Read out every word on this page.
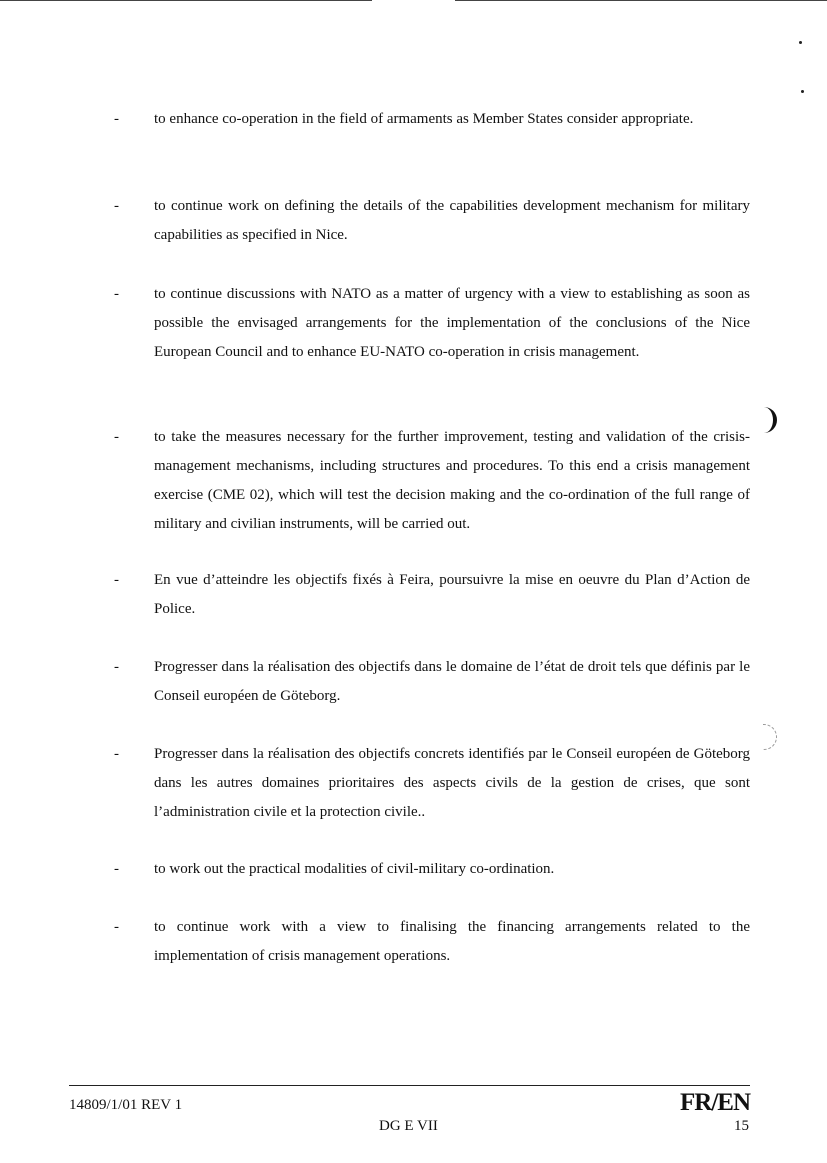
- to enhance co-operation in the field of armaments as Member States consider appropriate.
- to continue work on defining the details of the capabilities development mechanism for military capabilities as specified in Nice.
- to continue discussions with NATO as a matter of urgency with a view to establishing as soon as possible the envisaged arrangements for the implementation of the conclusions of the Nice European Council and to enhance EU-NATO co-operation in crisis management.
- to take the measures necessary for the further improvement, testing and validation of the crisis-management mechanisms, including structures and procedures. To this end a crisis management exercise (CME 02), which will test the decision making and the co-ordination of the full range of military and civilian instruments, will be carried out.
- En vue d’atteindre les objectifs fixés à Feira, poursuivre la mise en oeuvre du Plan d’Action de Police.
- Progresser dans la réalisation des objectifs dans le domaine de l’état de droit tels que définis par le Conseil européen de Göteborg.
- Progresser dans la réalisation des objectifs concrets identifiés par le Conseil européen de Göteborg dans les autres domaines prioritaires des aspects civils de la gestion de crises, que sont l’administration civile et la protection civile..
- to work out the practical modalities of civil-military co-ordination.
- to continue work with a view to finalising the financing arrangements related to the implementation of crisis management operations.
14809/1/01 REV 1	FR/EN
DG E VII	15
